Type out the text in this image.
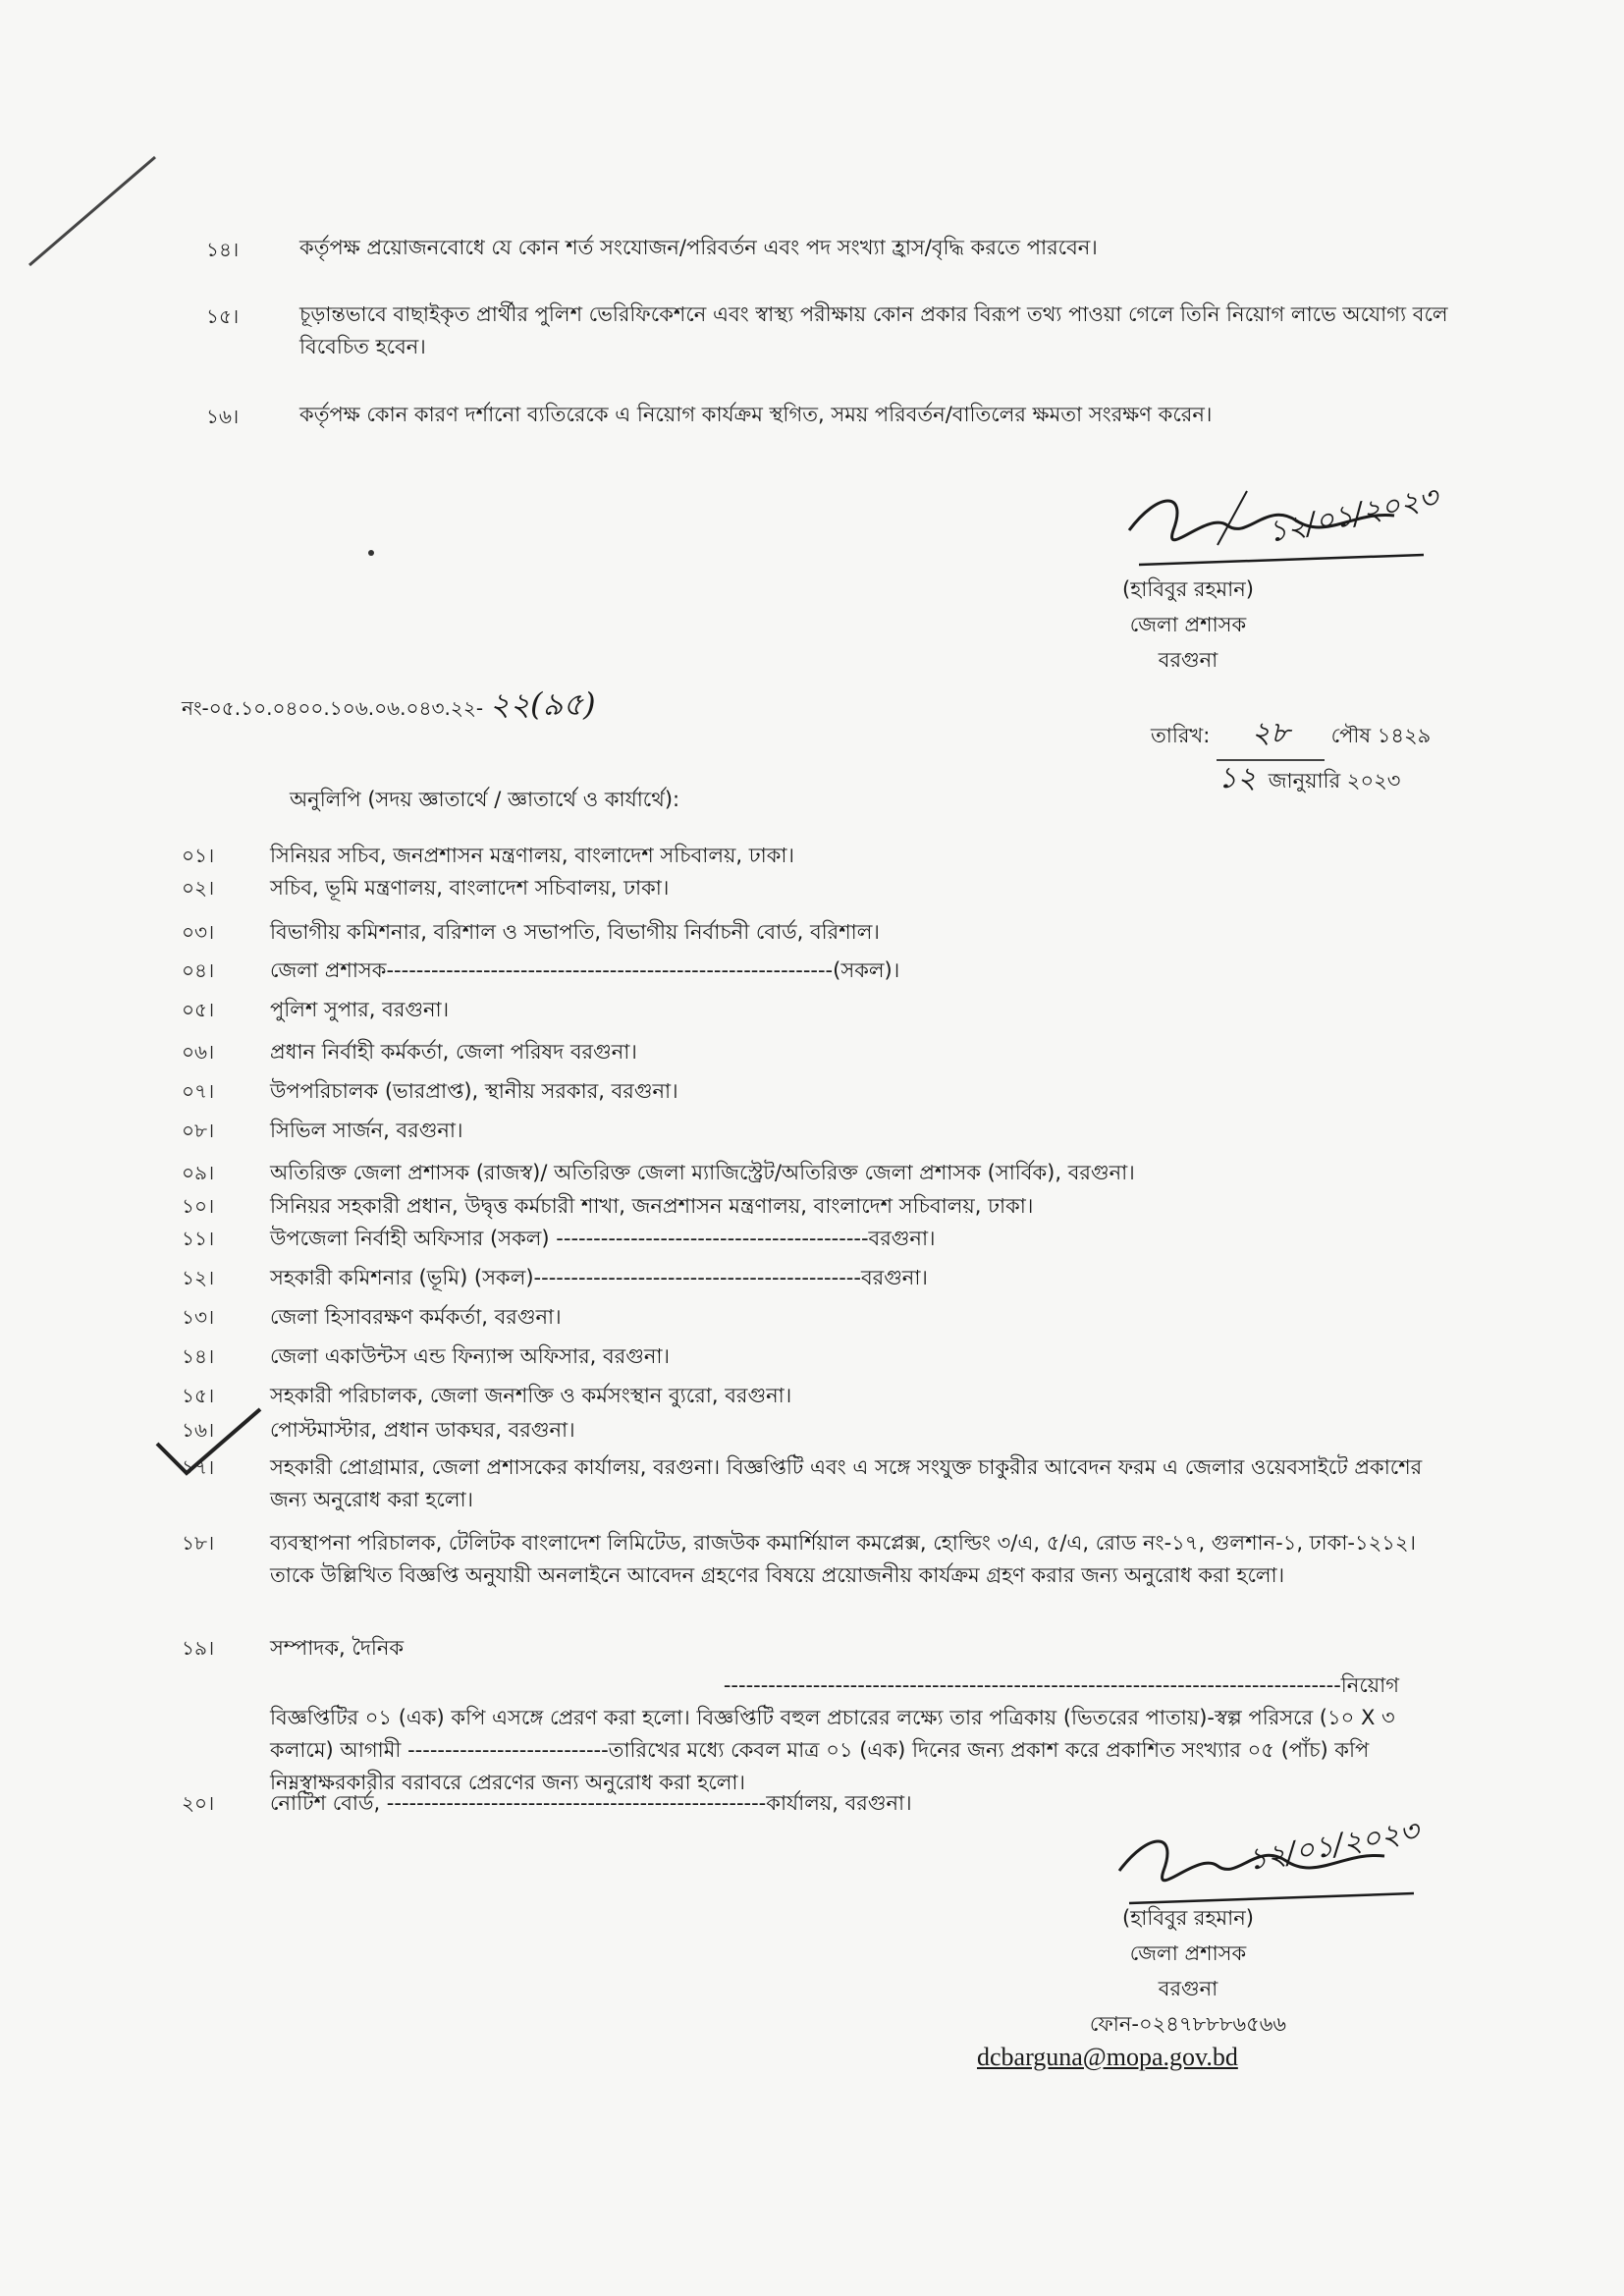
১৪।	কর্তৃপক্ষ প্রয়োজনবোধে যে কোন শর্ত সংযোজন/পরিবর্তন এবং পদ সংখ্যা হ্রাস/বৃদ্ধি করতে পারবেন।
১৫।	চূড়ান্তভাবে বাছাইকৃত প্রার্থীর পুলিশ ভেরিফিকেশনে এবং স্বাস্থ্য পরীক্ষায় কোন প্রকার বিরূপ তথ্য পাওয়া গেলে তিনি নিয়োগ লাভে অযোগ্য বলে বিবেচিত হবেন।
১৬।	কর্তৃপক্ষ কোন কারণ দর্শানো ব্যতিরেকে এ নিয়োগ কার্যক্রম স্থগিত, সময় পরিবর্তন/বাতিলের ক্ষমতা সংরক্ষণ করেন।
১২/০১/২০২৩
(হাবিবুর রহমান)
জেলা প্রশাসক
বরগুনা
নং-০৫.১০.০৪০০.১০৬.০৬.০৪৩.২২- ২২(৯৫)
তারিখ: ২৮ পৌষ ১৪২৯
১২ জানুয়ারি ২০২৩
অনুলিপি (সদয় জ্ঞাতার্থে / জ্ঞাতার্থে ও কার্যার্থে):
০১।	সিনিয়র সচিব, জনপ্রশাসন মন্ত্রণালয়, বাংলাদেশ সচিবালয়, ঢাকা।
০২।	সচিব, ভূমি মন্ত্রণালয়, বাংলাদেশ সচিবালয়, ঢাকা।
০৩।	বিভাগীয় কমিশনার, বরিশাল ও সভাপতি, বিভাগীয় নির্বাচনী বোর্ড, বরিশাল।
০৪।	জেলা প্রশাসক------------------------------------------------------------(সকল)।
০৫।	পুলিশ সুপার, বরগুনা।
০৬।	প্রধান নির্বাহী কর্মকর্তা, জেলা পরিষদ বরগুনা।
০৭।	উপপরিচালক (ভারপ্রাপ্ত), স্থানীয় সরকার, বরগুনা।
০৮।	সিভিল সার্জন, বরগুনা।
০৯।	অতিরিক্ত জেলা প্রশাসক (রাজস্ব)/ অতিরিক্ত জেলা ম্যাজিস্ট্রেট/অতিরিক্ত জেলা প্রশাসক (সার্বিক), বরগুনা।
১০।	সিনিয়র সহকারী প্রধান, উদ্বৃত্ত কর্মচারী শাখা, জনপ্রশাসন মন্ত্রণালয়, বাংলাদেশ সচিবালয়, ঢাকা।
১১।	উপজেলা নির্বাহী অফিসার (সকল) ------------------------------------------বরগুনা।
১২।	সহকারী কমিশনার (ভূমি) (সকল)--------------------------------------------বরগুনা।
১৩।	জেলা হিসাবরক্ষণ কর্মকর্তা, বরগুনা।
১৪।	জেলা একাউন্টস এন্ড ফিন্যান্স অফিসার, বরগুনা।
১৫।	সহকারী পরিচালক, জেলা জনশক্তি ও কর্মসংস্থান ব্যুরো, বরগুনা।
১৬।	পোস্টমাস্টার, প্রধান ডাকঘর, বরগুনা।
১৭।	সহকারী প্রোগ্রামার, জেলা প্রশাসকের কার্যালয়, বরগুনা। বিজ্ঞপ্তিটি এবং এ সঙ্গে সংযুক্ত চাকুরীর আবেদন ফরম এ জেলার ওয়েবসাইটে প্রকাশের জন্য অনুরোধ করা হলো।
১৮।	ব্যবস্থাপনা পরিচালক, টেলিটক বাংলাদেশ লিমিটেড, রাজউক কমার্শিয়াল কমপ্লেক্স, হোল্ডিং ৩/এ, ৫/এ, রোড নং-১৭, গুলশান-১, ঢাকা-১২১২। তাকে উল্লিখিত বিজ্ঞপ্তি অনুযায়ী অনলাইনে আবেদন গ্রহণের বিষয়ে প্রয়োজনীয় কার্যক্রম গ্রহণ করার জন্য অনুরোধ করা হলো।
১৯।	সম্পাদক, দৈনিক
-----------------------------------------------------------------------------------নিয়োগ
বিজ্ঞপ্তিটির ০১ (এক) কপি এসঙ্গে প্রেরণ করা হলো। বিজ্ঞপ্তিটি বহুল প্রচারের লক্ষ্যে তার পত্রিকায় (ভিতরের পাতায়)-স্বল্প পরিসরে (১০ X ৩ কলামে) আগামী ---------------------------তারিখের মধ্যে কেবল মাত্র ০১ (এক) দিনের জন্য প্রকাশ করে প্রকাশিত সংখ্যার ০৫ (পাঁচ) কপি নিম্নস্বাক্ষরকারীর বরাবরে প্রেরণের জন্য অনুরোধ করা হলো।
২০।	নোটিশ বোর্ড, ---------------------------------------------------কার্যালয়, বরগুনা।
১২/০১/২০২৩
(হাবিবুর রহমান)
জেলা প্রশাসক
বরগুনা
ফোন-০২৪৭৮৮৮৬৫৬৬
dcbarguna@mopa.gov.bd
